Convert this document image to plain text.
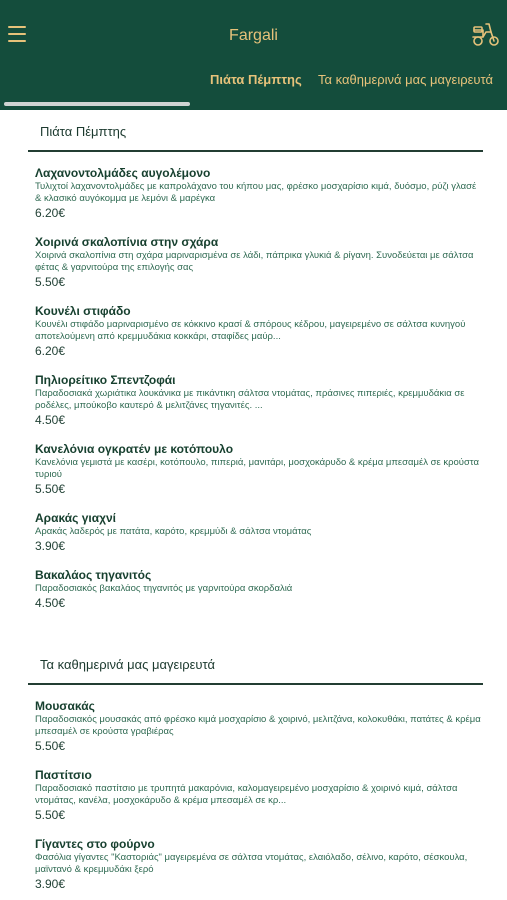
Fargali
Πιάτα Πέμπτης Τα καθημερινά μας μαγειρευτά
Πιάτα Πέμπτης
Λαχανοντολμάδες αυγολέμονο
Τυλιχτοί λαχανοντολμάδες με καπρολάχανο του κήπου μας, φρέσκο μοσχαρίσιο κιμά, δυόσμο, ρύζι γλασέ & κλασικό αυγόκομμα με λεμόνι & μαρέγκα
6.20€
Χοιρινά σκαλοπίνια στην σχάρα
Χοιρινά σκαλοπίνια στη σχάρα μαριναρισμένα σε λάδι, πάπρικα γλυκιά & ρίγανη. Συνοδεύεται με σάλτσα φέτας & γαρνιτούρα της επιλογής σας
5.50€
Κουνέλι στιφάδο
Κουνέλι στιφάδο μαριναρισμένο σε κόκκινο κρασί & σπόρους κέδρου, μαγειρεμένο σε σάλτσα κυνηγού αποτελούμενη από κρεμμυδάκια κοκκάρι, σταφίδες μαύρ...
6.20€
Πηλιορείτικο Σπεντζοφάι
Παραδοσιακά χωριάτικα λουκάνικα με πικάντικη σάλτσα ντομάτας, πράσινες πιπεριές, κρεμμυδάκια σε ροδέλες, μπούκοβο καυτερό & μελιτζάνες τηγανιτές. ...
4.50€
Κανελόνια ογκρατέν με κοτόπουλο
Κανελόνια γεμιστά με κασέρι, κοτόπουλο, πιπεριά, μανιτάρι, μοσχοκάρυδο & κρέμα μπεσαμέλ σε κρούστα τυριού
5.50€
Αρακάς γιαχνί
Αρακάς λαδερός με πατάτα, καρότο, κρεμμύδι & σάλτσα ντομάτας
3.90€
Βακαλάος τηγανιτός
Παραδοσιακός βακαλάος τηγανιτός με γαρνιτούρα σκορδαλιά
4.50€
Τα καθημερινά μας μαγειρευτά
Μουσακάς
Παραδοσιακός μουσακάς από φρέσκο κιμά μοσχαρίσιο & χοιρινό, μελιτζάνα, κολοκυθάκι, πατάτες & κρέμα μπεσαμέλ σε κρούστα γραβιέρας
5.50€
Παστίτσιο
Παραδοσιακό παστίτσιο με τρυπητά μακαρόνια, καλομαγειρεμένο μοσχαρίσιο & χοιρινό κιμά, σάλτσα ντομάτας, κανέλα, μοσχοκάρυδο & κρέμα μπεσαμέλ σε κρ...
5.50€
Γίγαντες στο φούρνο
Φασόλια γίγαντες "Καστοριάς" μαγειρεμένα σε σάλτσα ντομάτας, ελαιόλαδο, σέλινο, καρότο, σέσκουλα, μαϊντανό & κρεμμυδάκι ξερό
3.90€
